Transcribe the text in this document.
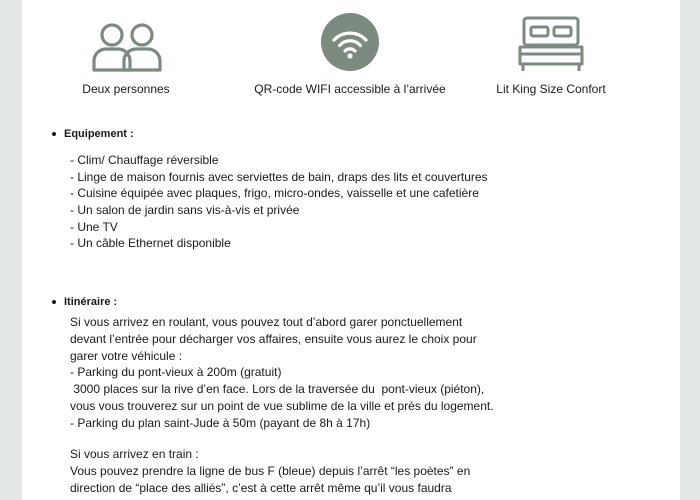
Deux personnes	QR-code WIFI accessible à l’arrivée	Lit King Size Confort
Equipement :
- Clim/ Chauffage réversible
- Linge de maison fournis avec serviettes de bain, draps des lits et couvertures
- Cuisine équipée avec plaques, frigo, micro-ondes, vaisselle et une cafetière
- Un salon de jardin sans vis-à-vis et privée
- Une TV
- Un câble Ethernet disponible
Itinéraire :
Si vous arrivez en roulant, vous pouvez tout d’abord garer ponctuellement
devant l’entrée pour décharger vos affaires, ensuite vous aurez le choix pour
garer votre véhicule :
- Parking du pont-vieux à 200m (gratuit)
3000 places sur la rive d’en face. Lors de la traversée du  pont-vieux (piéton),
vous vous trouverez sur un point de vue sublime de la ville et près du logement.
- Parking du plan saint-Jude à 50m (payant de 8h à 17h)
Si vous arrivez en train :
Vous pouvez prendre la ligne de bus F (bleue) depuis l’arrêt “les poètes” en
direction de “place des alliés”, c’est à cette arrêt même qu’il vous faudra
